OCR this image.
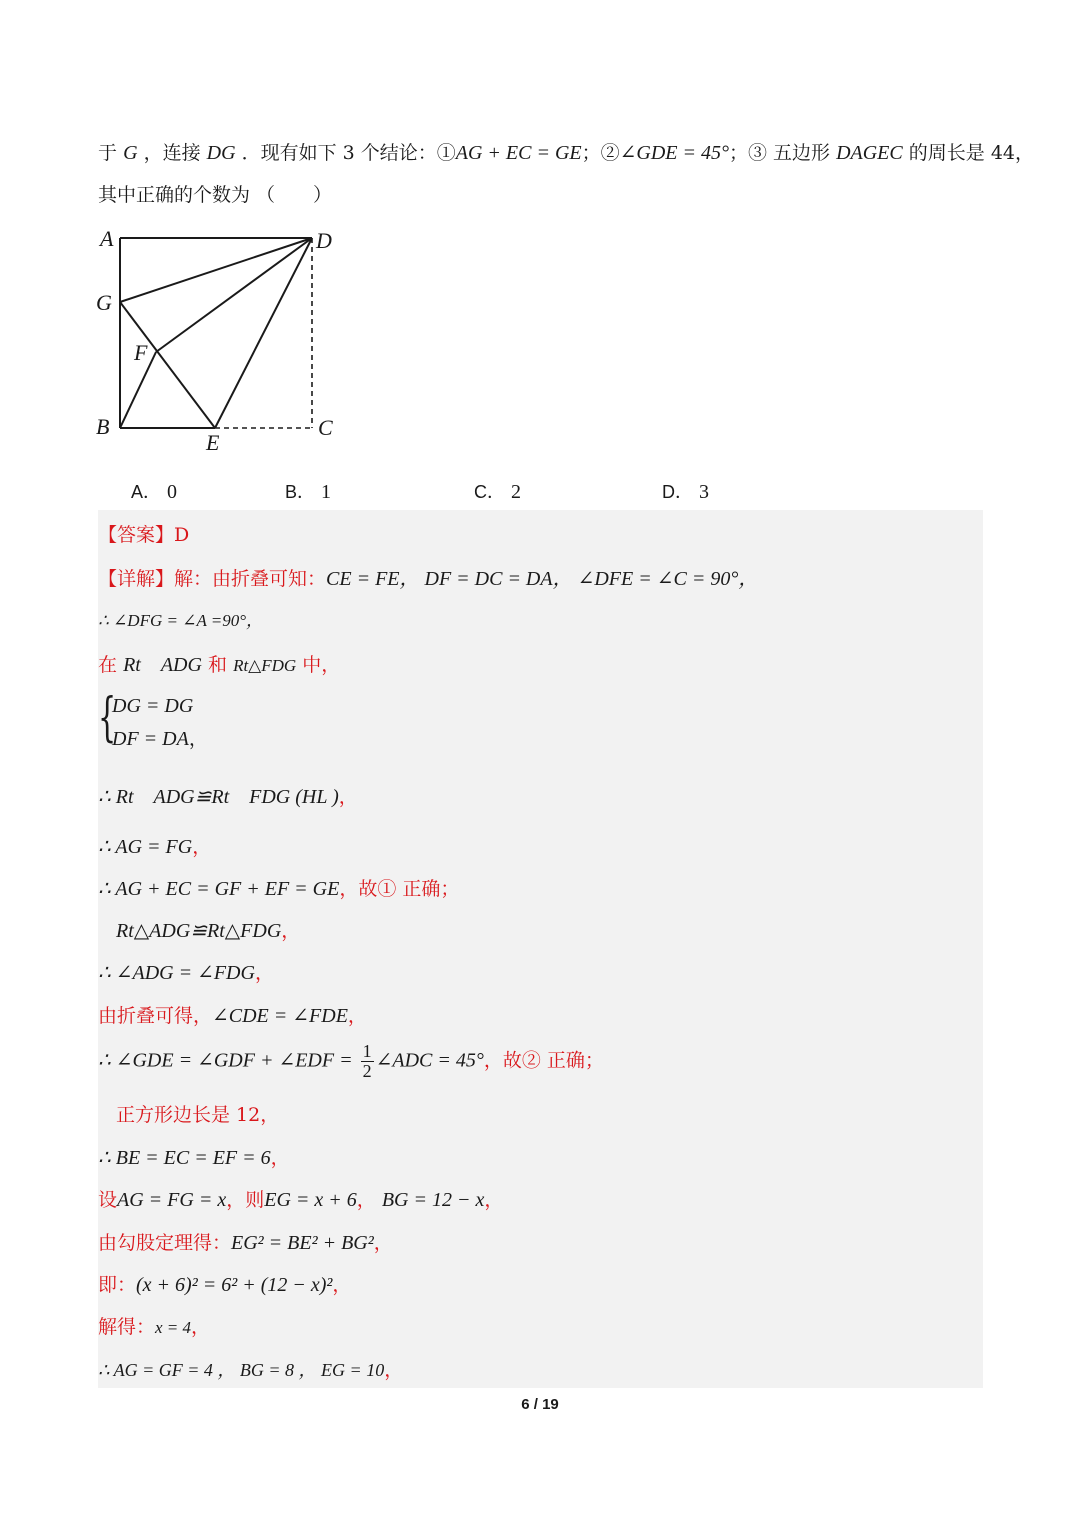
于 G ，连接 DG ．现有如下 3 个结论：①AG + EC = GE；②∠GDE = 45°；③ 五边形 DAGEC 的周长是 44，
其中正确的个数为 （　　）
A	D
G
F
B
E
C
A． 0	B． 1	C． 2	D． 3
【答案】D
【详解】解：由折叠可知：CE = FE， DF = DC = DA， ∠DFE = ∠C = 90°，
∴ ∠DFG = ∠A =90°，
在 Rt　ADG 和 Rt△FDG 中，
{
DG = DG
DF = DA，
∴ Rt　ADG≌Rt　FDG (HL )，
∴ AG = FG，
∴ AG + EC = GF + EF = GE，故① 正确；
Rt△ADG≌Rt△FDG，
∴ ∠ADG = ∠FDG，
由折叠可得，∠CDE = ∠FDE，
∴ ∠GDE = ∠GDF + ∠EDF = $\frac{1}{2}$ ∠ADC = 45°，故② 正确；
正方形边长是 12，
∴ BE = EC = EF = 6，
设AG = FG = x，则EG = x + 6， BG = 12 − x，
由勾股定理得：EG² = BE² + BG²，
即：(x + 6)² = 6² + (12 − x)²，
解得：x = 4，
∴ AG = GF = 4 ， BG = 8 ， EG = 10，
6 / 19
